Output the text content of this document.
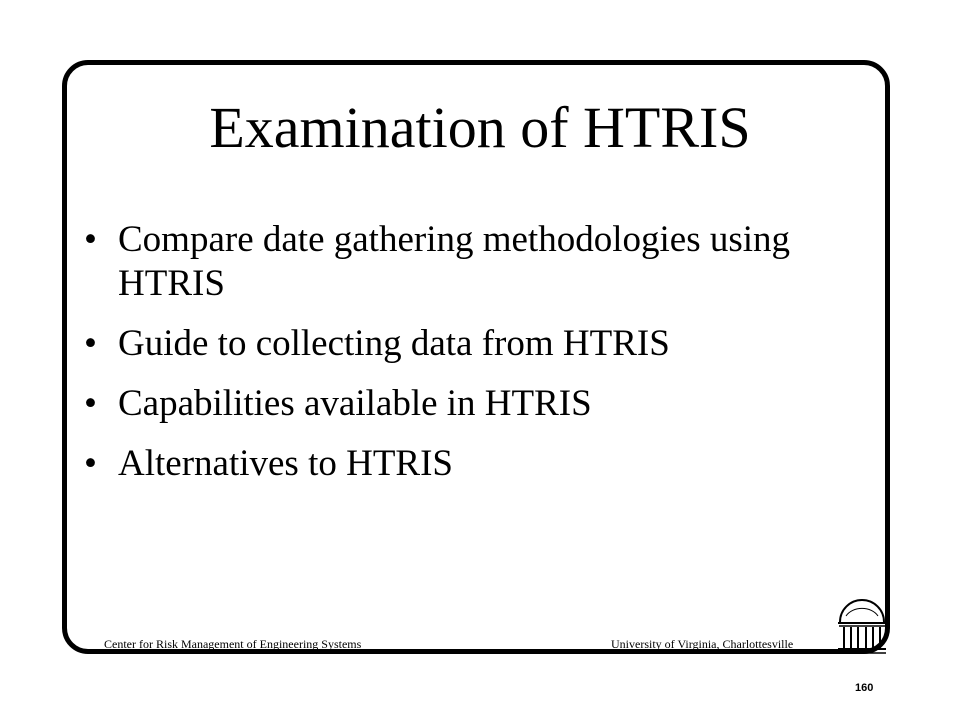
Examination of HTRIS
• Compare date gathering methodologies using HTRIS
• Guide to collecting data from HTRIS
• Capabilities available in HTRIS
• Alternatives to HTRIS
Center for Risk Management of Engineering Systems	University of Virginia, Charlottesville
160
